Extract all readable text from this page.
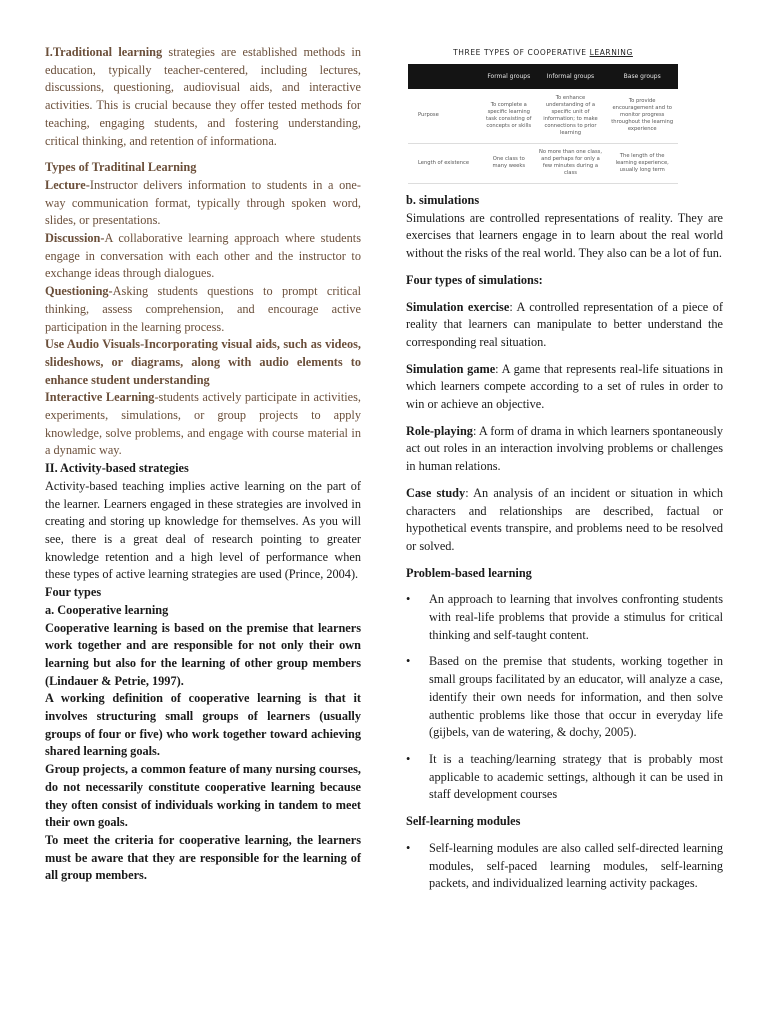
I.Traditional learning strategies are established methods in education, typically teacher-centered, including lectures, discussions, questioning, audiovisual aids, and interactive activities. This is crucial because they offer tested methods for teaching, engaging students, and fostering understanding, critical thinking, and retention of informationa.

Types of Traditinal Learning

Lecture-Instructor delivers information to students in a one-way communication format, typically through spoken word, slides, or presentations.

Discussion-A collaborative learning approach where students engage in conversation with each other and the instructor to exchange ideas through dialogues.

Questioning-Asking students questions to prompt critical thinking, assess comprehension, and encourage active participation in the learning process.

Use Audio Visuals-Incorporating visual aids, such as videos, slideshows, or diagrams, along with audio elements to enhance student understanding

Interactive Learning-students actively participate in activities, experiments, simulations, or group projects to apply knowledge, solve problems, and engage with course material in a dynamic way.

II. Activity-based strategies

Activity-based teaching implies active learning on the part of the learner. Learners engaged in these strategies are involved in creating and storing up knowledge for themselves. As you will see, there is a great deal of research pointing to greater knowledge retention and a high level of performance when these types of active learning strategies are used (Prince, 2004).

Four types

a. Cooperative learning

Cooperative learning is based on the premise that learners work together and are responsible for not only their own learning but also for the learning of other group members (Lindauer & Petrie, 1997).

A working definition of cooperative learning is that it involves structuring small groups of learners (usually groups of four or five) who work together toward achieving shared learning goals.

Group projects, a common feature of many nursing courses, do not necessarily constitute cooperative learning because they often consist of individuals working in tandem to meet their own goals.

To meet the criteria for cooperative learning, the learners must be aware that they are responsible for the learning of all group members.

THREE TYPES OF COOPERATIVE LEARNING
	Formal groups	Informal groups	Base groups
Purpose	To complete a specific learning task consisting of concepts or skills	To enhance understanding of a specific unit of information; to make connections to prior learning	To provide encouragement and to monitor progress throughout the learning experience
Length of existence	One class to many weeks	No more than one class, and perhaps for only a few minutes during a class	The length of the learning experience, usually long term

b. simulations

Simulations are controlled representations of reality. They are exercises that learners engage in to learn about the real world without the risks of the real world. They also can be a lot of fun.

Four types of simulations:

Simulation exercise: A controlled representation of a piece of reality that learners can manipulate to better understand the corresponding real situation.

Simulation game: A game that represents real-life situations in which learners compete according to a set of rules in order to win or achieve an objective.

Role-playing: A form of drama in which learners spontaneously act out roles in an interaction involving problems or challenges in human relations.

Case study: An analysis of an incident or situation in which characters and relationships are described, factual or hypothetical events transpire, and problems need to be resolved or solved.

Problem-based learning

• An approach to learning that involves confronting students with real-life problems that provide a stimulus for critical thinking and self-taught content.
• Based on the premise that students, working together in small groups facilitated by an educator, will analyze a case, identify their own needs for information, and then solve authentic problems like those that occur in everyday life (gijbels, van de watering, & dochy, 2005).
• It is a teaching/learning strategy that is probably most applicable to academic settings, although it can be used in staff development courses

Self-learning modules

• Self-learning modules are also called self-directed learning modules, self-paced learning modules, self-learning packets, and individualized learning activity packages.
